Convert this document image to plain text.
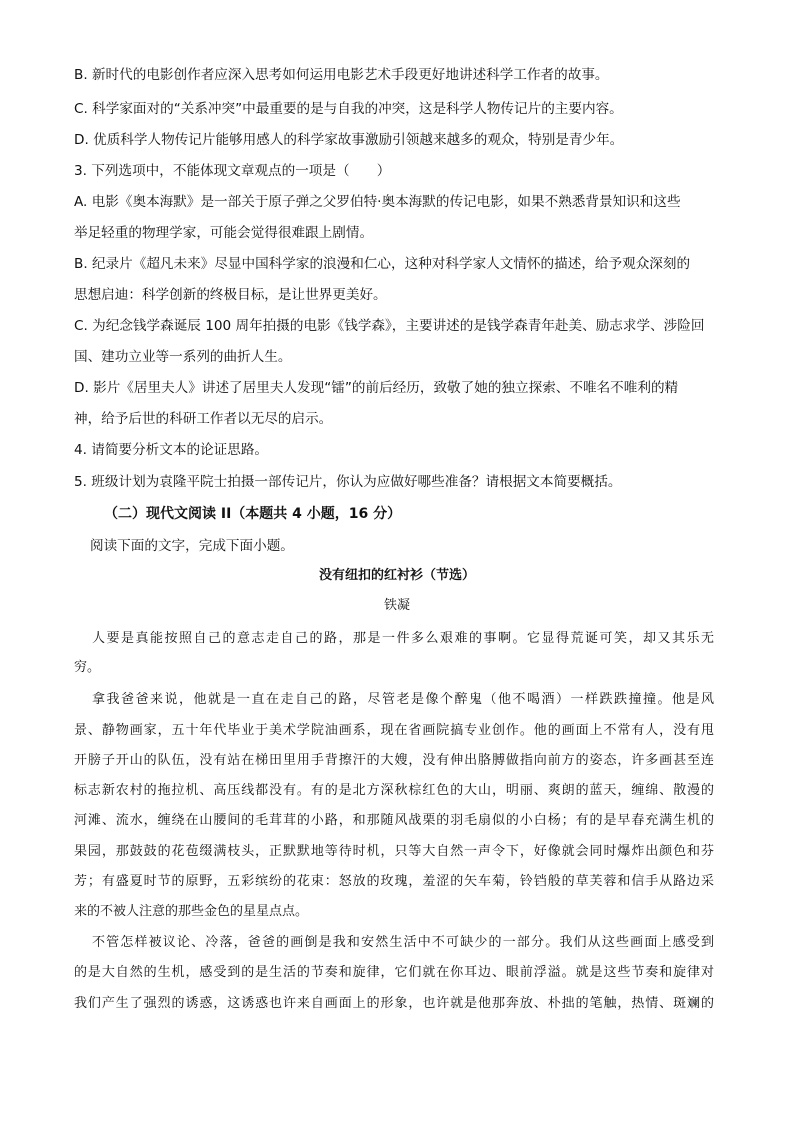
B. 新时代的电影创作者应深入思考如何运用电影艺术手段更好地讲述科学工作者的故事。
C. 科学家面对的“关系冲突”中最重要的是与自我的冲突，这是科学人物传记片的主要内容。
D. 优质科学人物传记片能够用感人的科学家故事激励引领越来越多的观众，特别是青少年。
3. 下列选项中，不能体现文章观点的一项是（　　）
A. 电影《奥本海默》是一部关于原子弹之父罗伯特·奥本海默的传记电影，如果不熟悉背景知识和这些
举足轻重的物理学家，可能会觉得很难跟上剧情。
B. 纪录片《超凡未来》尽显中国科学家的浪漫和仁心，这种对科学家人文情怀的描述，给予观众深刻的
思想启迪：科学创新的终极目标，是让世界更美好。
C. 为纪念钱学森诞辰 100 周年拍摄的电影《钱学森》，主要讲述的是钱学森青年赴美、励志求学、涉险回
国、建功立业等一系列的曲折人生。
D. 影片《居里夫人》讲述了居里夫人发现“镭”的前后经历，致敬了她的独立探索、不唯名不唯利的精
神，给予后世的科研工作者以无尽的启示。
4. 请简要分析文本的论证思路。
5. 班级计划为袁隆平院士拍摄一部传记片，你认为应做好哪些准备？请根据文本简要概括。
（二）现代文阅读 II（本题共 4 小题，16 分）
阅读下面的文字，完成下面小题。
没有纽扣的红衬衫（节选）
铁凝
人要是真能按照自己的意志走自己的路，那是一件多么艰难的事啊。它显得荒诞可笑，却又其乐无
穷。
拿我爸爸来说，他就是一直在走自己的路，尽管老是像个醉鬼（他不喝酒）一样跌跌撞撞。他是风
景、静物画家，五十年代毕业于美术学院油画系，现在省画院搞专业创作。他的画面上不常有人，没有甩
开膀子开山的队伍，没有站在梯田里用手背擦汗的大嫂，没有伸出胳膊做指向前方的姿态，许多画甚至连
标志新农村的拖拉机、高压线都没有。有的是北方深秋棕红色的大山，明丽、爽朗的蓝天，缠绵、散漫的
河滩、流水，缠绕在山腰间的毛茸茸的小路，和那随风战栗的羽毛扇似的小白杨；有的是早春充满生机的
果园，那鼓鼓的花苞缀满枝头，正默默地等待时机，只等大自然一声令下，好像就会同时爆炸出颜色和芬
芳；有盛夏时节的原野，五彩缤纷的花束：怒放的玫瑰，羞涩的矢车菊，铃铛般的草芙蓉和信手从路边采
来的不被人注意的那些金色的星星点点。
不管怎样被议论、冷落，爸爸的画倒是我和安然生活中不可缺少的一部分。我们从这些画面上感受到
的是大自然的生机，感受到的是生活的节奏和旋律，它们就在你耳边、眼前浮溢。就是这些节奏和旋律对
我们产生了强烈的诱惑，这诱惑也许来自画面上的形象，也许就是他那奔放、朴拙的笔触，热情、斑斓的
